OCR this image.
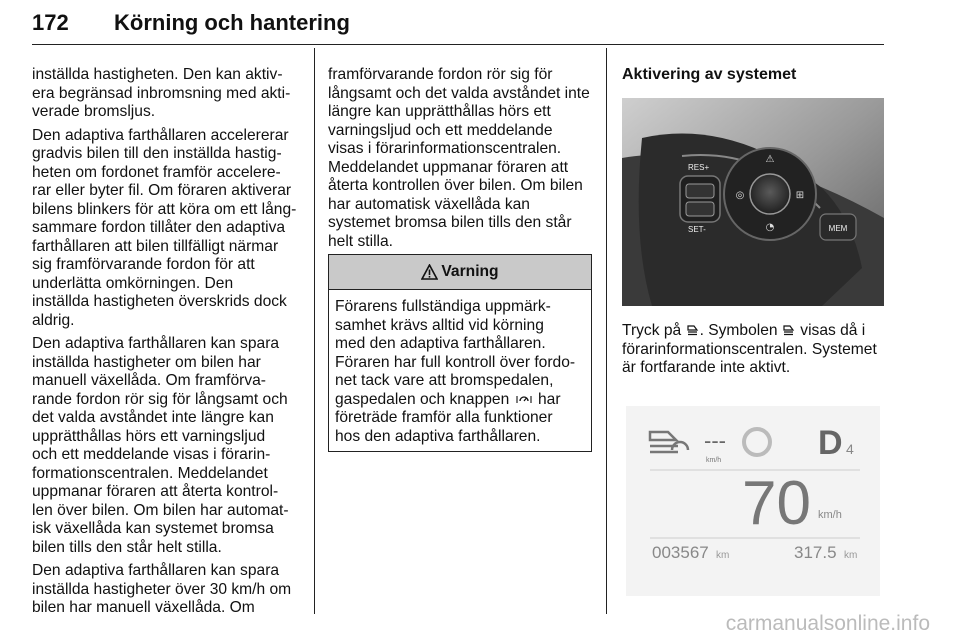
172 Körning och hantering

inställda hastigheten. Den kan aktiv-
era begränsad inbromsning med akti-
verade bromsljus.

Den adaptiva farthållaren accelererar
gradvis bilen till den inställda hastig-
heten om fordonet framför accelere-
rar eller byter fil. Om föraren aktiverar
bilens blinkers för att köra om ett lång-
sammare fordon tillåter den adaptiva
farthållaren att bilen tillfälligt närmar
sig framförvarande fordon för att
underlätta omkörningen. Den
inställda hastigheten överskrids dock
aldrig.

Den adaptiva farthållaren kan spara
inställda hastigheter om bilen har
manuell växellåda. Om framförva-
rande fordon rör sig för långsamt och
det valda avståndet inte längre kan
upprätthållas hörs ett varningsljud
och ett meddelande visas i förarin-
formationscentralen. Meddelandet
uppmanar föraren att återta kontrol-
len över bilen. Om bilen har automat-
isk växellåda kan systemet bromsa
bilen tills den står helt stilla.

Den adaptiva farthållaren kan spara
inställda hastigheter över 30 km/h om
bilen har manuell växellåda. Om

framförvarande fordon rör sig för
långsamt och det valda avståndet inte
längre kan upprätthållas hörs ett
varningsljud och ett meddelande
visas i förarinformationscentralen.
Meddelandet uppmanar föraren att
återta kontrollen över bilen. Om bilen
har automatisk växellåda kan
systemet bromsa bilen tills den står
helt stilla.

Varning
Förarens fullständiga uppmärk-
samhet krävs alltid vid körning
med den adaptiva farthållaren.
Föraren har full kontroll över fordo-
net tack vare att bromspedalen,
gaspedalen och knappen har
företräde framför alla funktioner
hos den adaptiva farthållaren.

Aktivering av systemet

⚠
◎	⊞
◔
RES+
SET-	MEM
Tryck på . Symbolen visas då i
förarinformationscentralen. Systemet
är fortfarande inte aktivt.
---
km/h	D 4
70 km/h
003567 km	317.5 km
carmanualsonline.info
